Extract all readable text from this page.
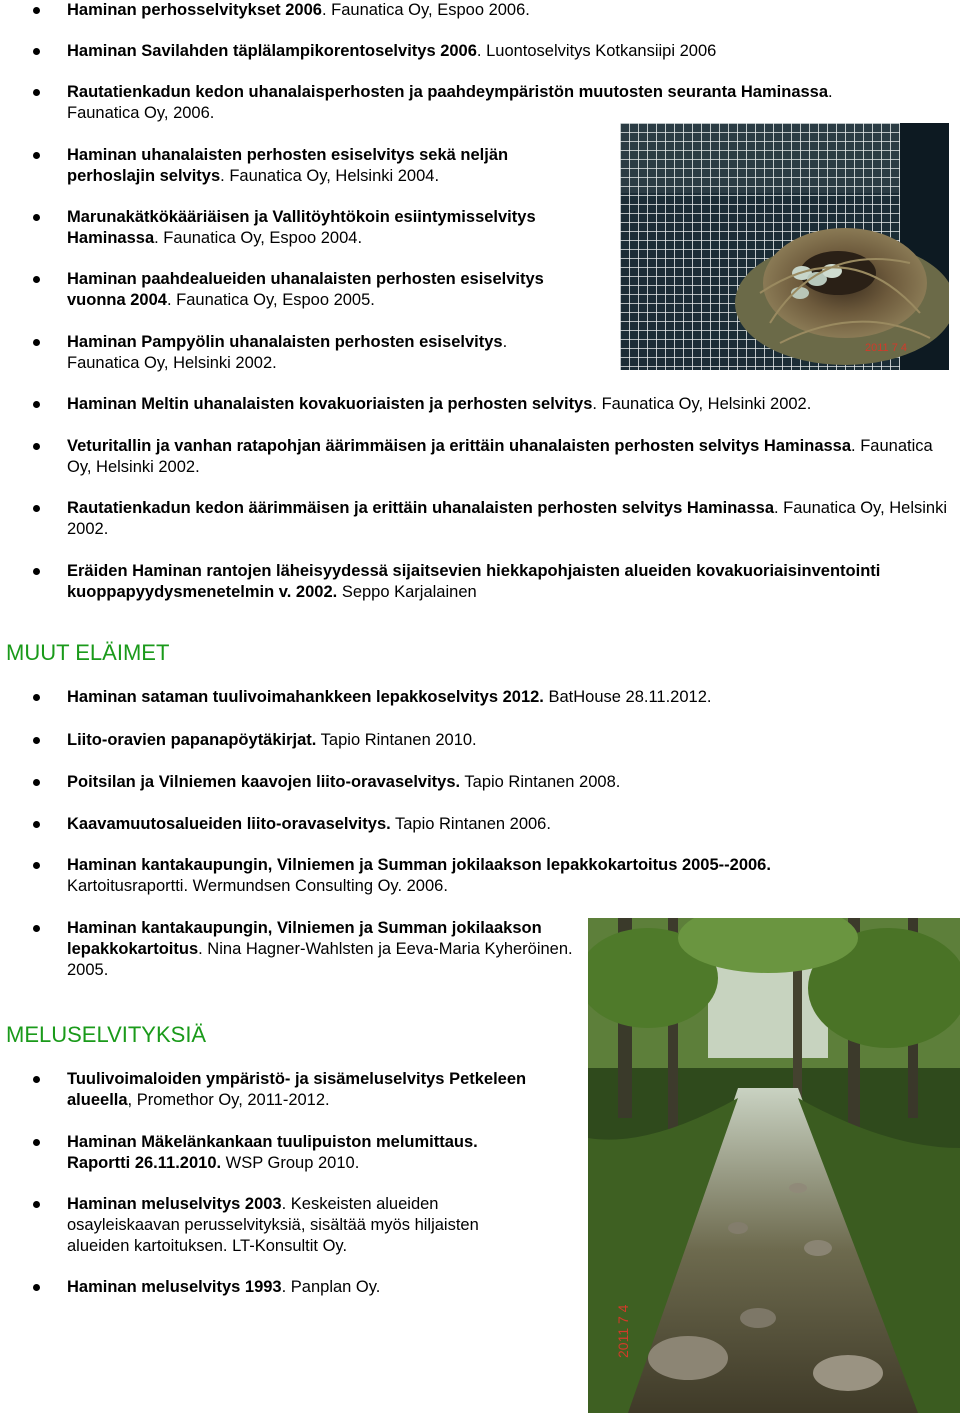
Haminan perhosselvitykset 2006. Faunatica Oy, Espoo 2006.
Haminan Savilahden täplälampikorentoselvitys 2006. Luontoselvitys Kotkansiipi 2006
Rautatienkadun kedon uhanalaisperhosten ja paahdeympäristön muutosten seuranta Haminassa. Faunatica Oy, 2006.
Haminan uhanalaisten perhosten esiselvitys sekä neljän perhoslajin selvitys. Faunatica Oy, Helsinki 2004.
Marunakätkökääriäisen ja Vallitöyhtökoin esiintymisselvitys Haminassa. Faunatica Oy, Espoo 2004.
Haminan paahdealueiden uhanalaisten perhosten esiselvitys vuonna 2004. Faunatica Oy, Espoo 2005.
Haminan Pampyölin uhanalaisten perhosten esiselvitys. Faunatica Oy, Helsinki 2002.
Haminan Meltin uhanalaisten kovakuoriaisten ja perhosten selvitys. Faunatica Oy, Helsinki 2002.
Veturitallin ja vanhan ratapohjan äärimmäisen ja erittäin uhanalaisten perhosten selvitys Haminassa. Faunatica Oy, Helsinki 2002.
Rautatienkadun kedon äärimmäisen ja erittäin uhanalaisten perhosten selvitys Haminassa. Faunatica Oy, Helsinki 2002.
Eräiden Haminan rantojen läheisyydessä sijaitsevien hiekkapohjaisten alueiden kovakuoriaisinventointi kuoppapyydysmenetelmin v. 2002. Seppo Karjalainen
2011 7 4
MUUT ELÄIMET
Haminan sataman tuulivoimahankkeen lepakkoselvitys 2012. BatHouse 28.11.2012.
Liito-oravien papanapöytäkirjat. Tapio Rintanen 2010.
Poitsilan ja Vilniemen kaavojen liito-oravaselvitys. Tapio Rintanen 2008.
Kaavamuutosalueiden liito-oravaselvitys. Tapio Rintanen 2006.
Haminan kantakaupungin, Vilniemen ja Summan jokilaakson lepakkokartoitus 2005--2006. Kartoitusraportti. Wermundsen Consulting Oy. 2006.
Haminan kantakaupungin, Vilniemen ja Summan jokilaakson lepakkokartoitus. Nina Hagner-Wahlsten ja Eeva-Maria Kyheröinen. 2005.
2011 7 4
MELUSELVITYKSIÄ
Tuulivoimaloiden ympäristö- ja sisämeluselvitys Petkeleen alueella, Promethor Oy, 2011-2012.
Haminan Mäkelänkankaan tuulipuiston melumittaus. Raportti 26.11.2010. WSP Group 2010.
Haminan meluselvitys 2003. Keskeisten alueiden osayleiskaavan perusselvityksiä, sisältää myös hiljaisten alueiden kartoituksen. LT-Konsultit Oy.
Haminan meluselvitys 1993. Panplan Oy.
